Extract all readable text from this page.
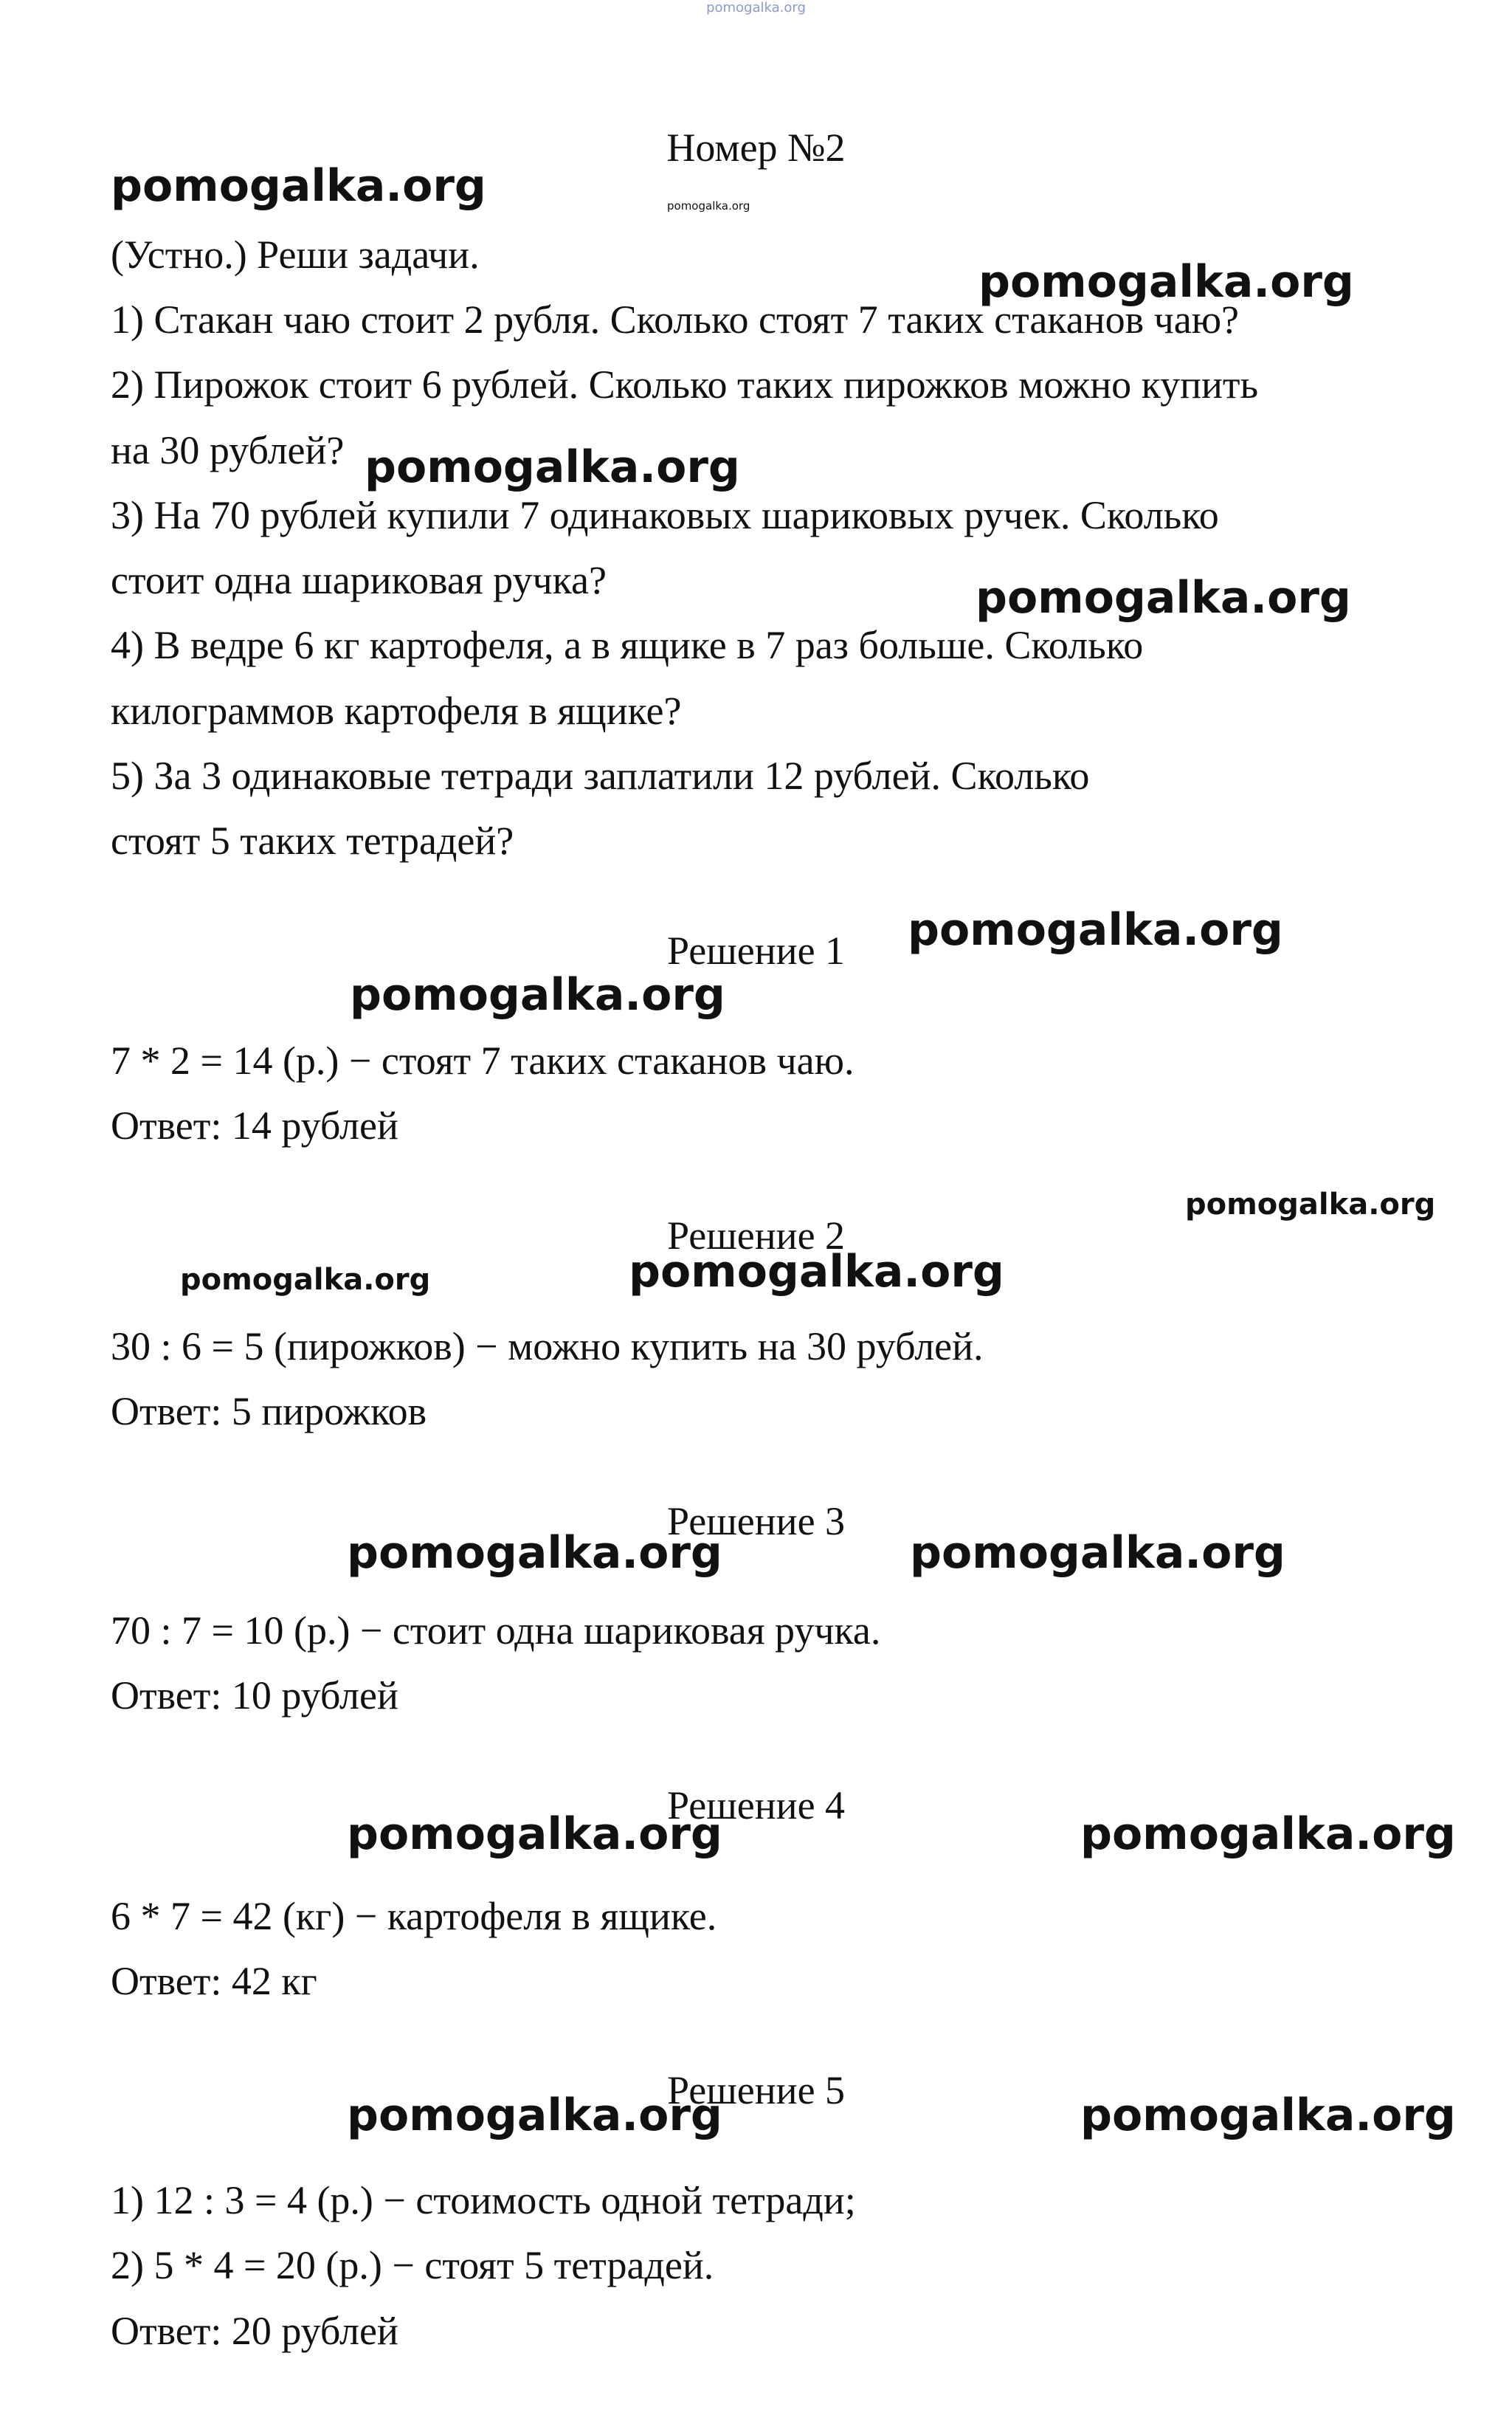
pomogalka.org
Номер №2
pomogalka.org
pomogalka.org
pomogalka.org
pomogalka.org
pomogalka.org
(Устно.) Реши задачи.
1) Стакан чаю стоит 2 рубля. Сколько стоят 7 таких стаканов чаю?
2) Пирожок стоит 6 рублей. Сколько таких пирожков можно купить
на 30 рублей?
3) На 70 рублей купили 7 одинаковых шариковых ручек. Сколько
стоит одна шариковая ручка?
4) В ведре 6 кг картофеля, а в ящике в 7 раз больше. Сколько
килограммов картофеля в ящике?
5) За 3 одинаковые тетради заплатили 12 рублей. Сколько
стоят 5 таких тетрадей?
Решение 1	pomogalka.org
pomogalka.org
7 * 2 = 14 (р.) − стоят 7 таких стаканов чаю.
Ответ: 14 рублей
pomogalka.org
Решение 2
pomogalka.org	pomogalka.org
30 : 6 = 5 (пирожков) − можно купить на 30 рублей.
Ответ: 5 пирожков
Решение 3
pomogalka.org	pomogalka.org
70 : 7 = 10 (р.) − стоит одна шариковая ручка.
Ответ: 10 рублей
Решение 4
pomogalka.org	pomogalka.org
6 * 7 = 42 (кг) − картофеля в ящике.
Ответ: 42 кг
Решение 5
pomogalka.org	pomogalka.org
1) 12 : 3 = 4 (р.) − стоимость одной тетради;
2) 5 * 4 = 20 (р.) − стоят 5 тетрадей.
Ответ: 20 рублей
